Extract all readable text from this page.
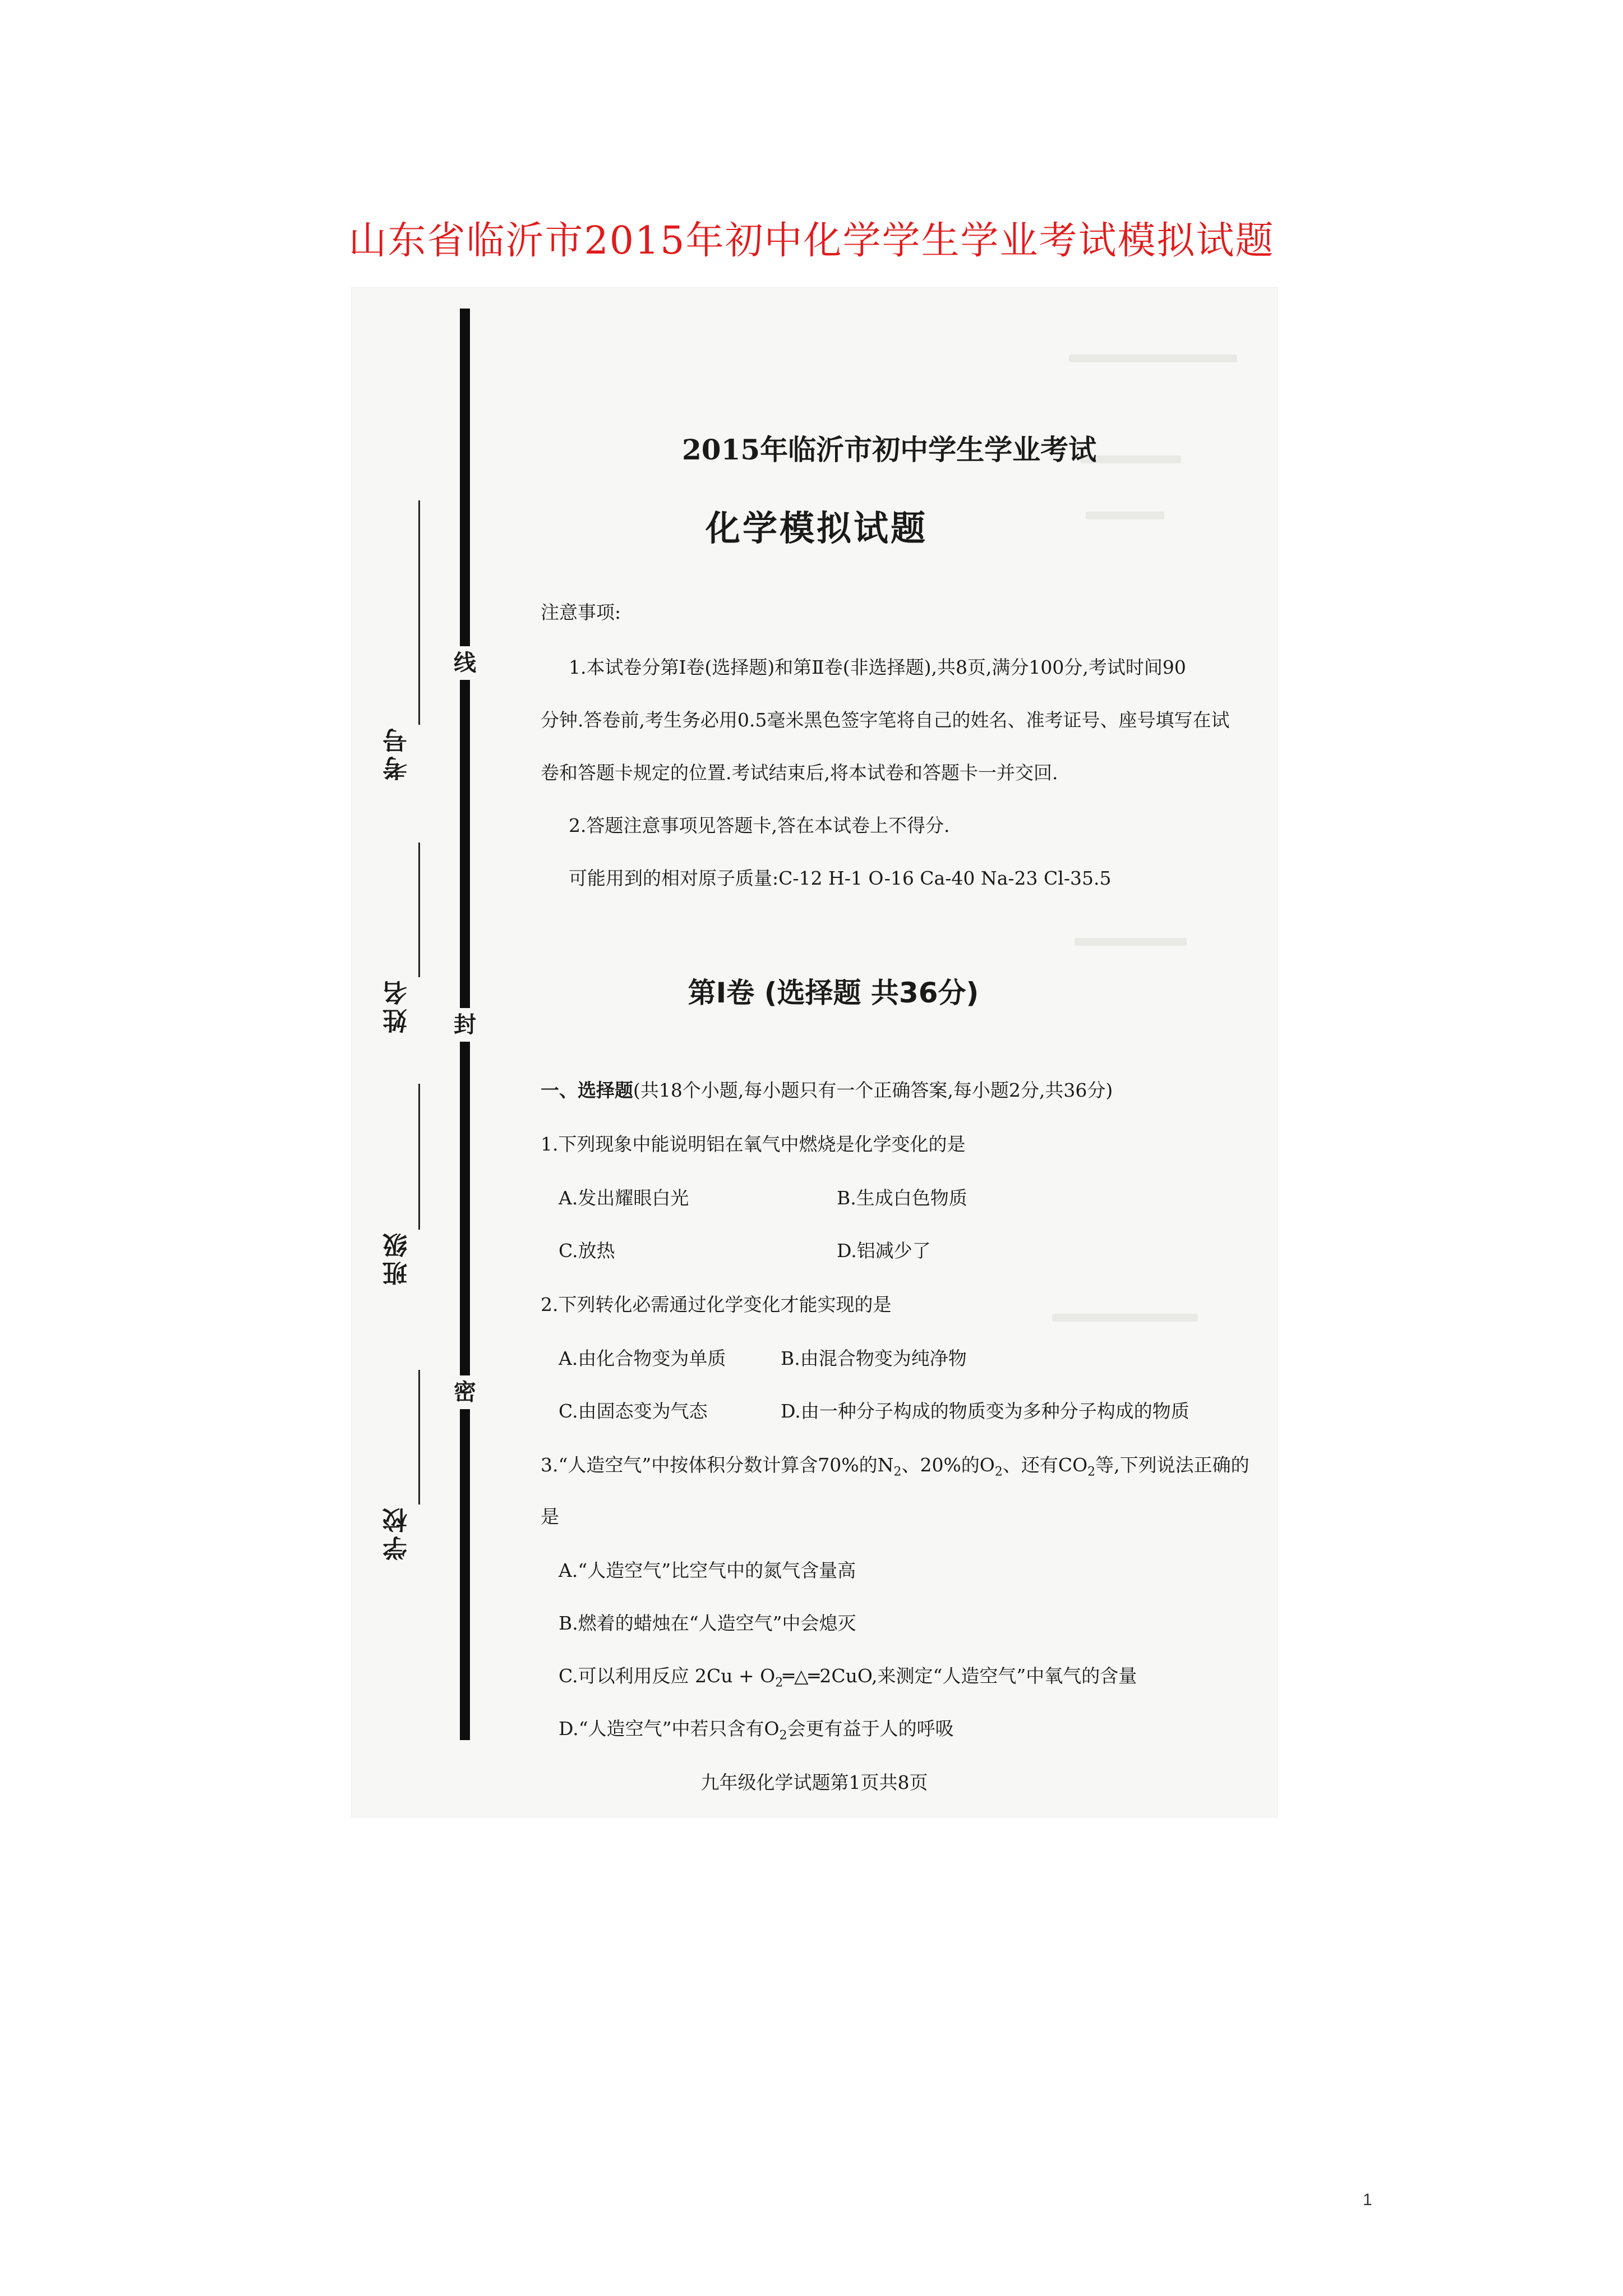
山东省临沂市2015年初中化学学生学业考试模拟试题
线
封
密
考号
姓名
班级
学校
2015年临沂市初中学生学业考试
化学模拟试题
注意事项:
1.本试卷分第Ⅰ卷(选择题)和第Ⅱ卷(非选择题),共8页,满分100分,考试时间90
分钟.答卷前,考生务必用0.5毫米黑色签字笔将自己的姓名、准考证号、座号填写在试
卷和答题卡规定的位置.考试结束后,将本试卷和答题卡一并交回.
2.答题注意事项见答题卡,答在本试卷上不得分.
可能用到的相对原子质量:C-12 H-1 O-16 Ca-40 Na-23 Cl-35.5
第Ⅰ卷 (选择题 共36分)
一、选择题(共18个小题,每小题只有一个正确答案,每小题2分,共36分)
1.下列现象中能说明铝在氧气中燃烧是化学变化的是
A.发出耀眼白光	B.生成白色物质
C.放热	D.铝减少了
2.下列转化必需通过化学变化才能实现的是
A.由化合物变为单质	B.由混合物变为纯净物
C.由固态变为气态	D.由一种分子构成的物质变为多种分子构成的物质
3.“人造空气”中按体积分数计算含70%的$N_2$、20%的$O_2$、还有$CO_2$等,下列说法正确的
是
A.“人造空气”比空气中的氮气含量高
B.燃着的蜡烛在“人造空气”中会熄灭
C.可以利用反应 $2Cu + O_2═\triangle═2CuO$,来测定“人造空气”中氧气的含量
D.“人造空气”中若只含有$O_2$会更有益于人的呼吸
九年级化学试题第1页共8页
1
